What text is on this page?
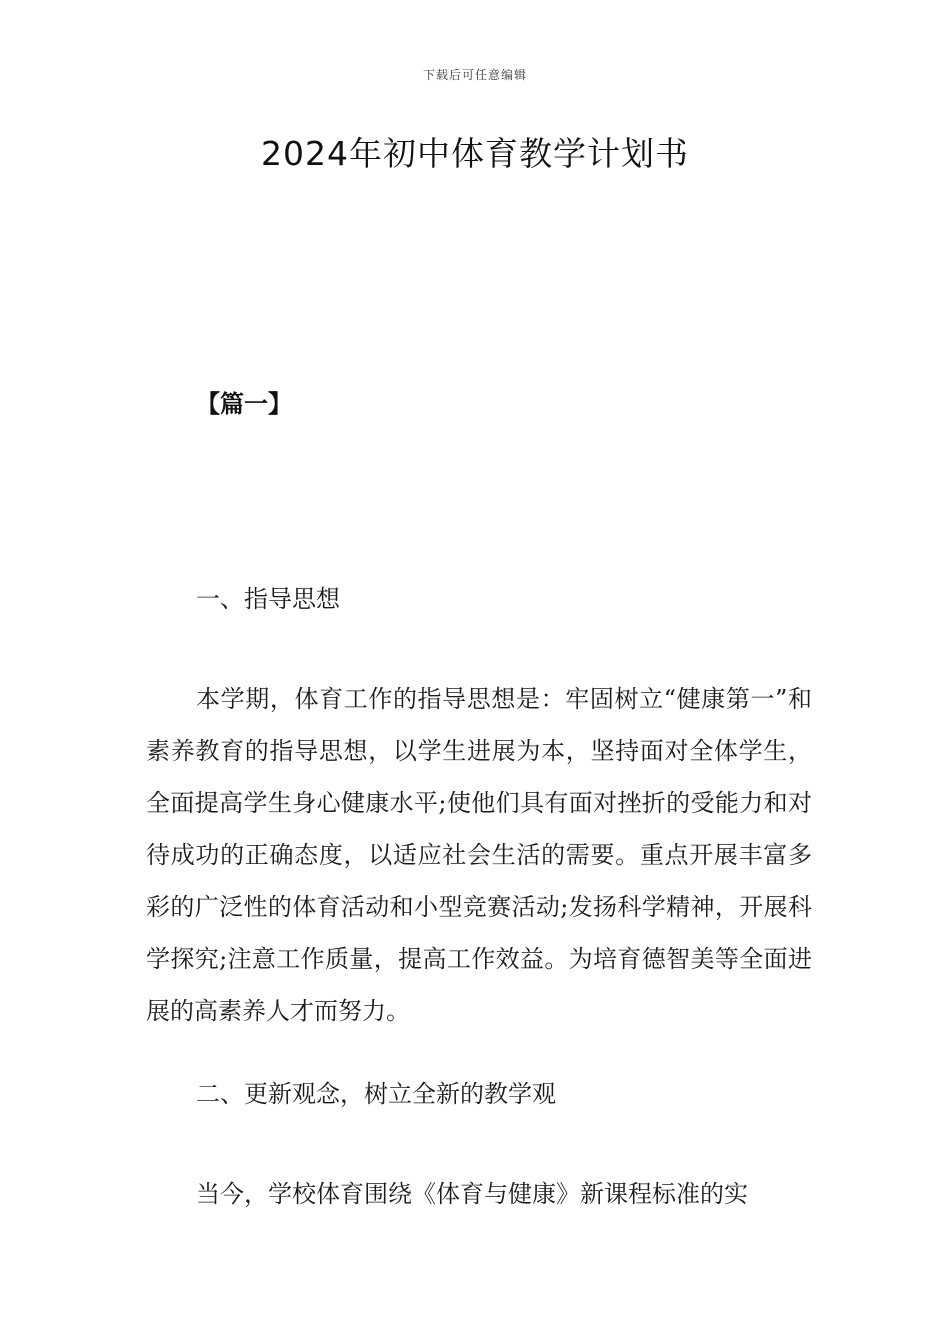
下载后可任意编辑
2024年初中体育教学计划书
【篇一】

一、指导思想

本学期，体育工作的指导思想是：牢固树立“健康第一”和素养教育的指导思想，以学生进展为本，坚持面对全体学生，全面提高学生身心健康水平;使他们具有面对挫折的受能力和对待成功的正确态度，以适应社会生活的需要。重点开展丰富多彩的广泛性的体育活动和小型竞赛活动;发扬科学精神，开展科学探究;注意工作质量，提高工作效益。为培育德智美等全面进展的高素养人才而努力。

二、更新观念，树立全新的教学观

当今，学校体育围绕《体育与健康》新课程标准的实
